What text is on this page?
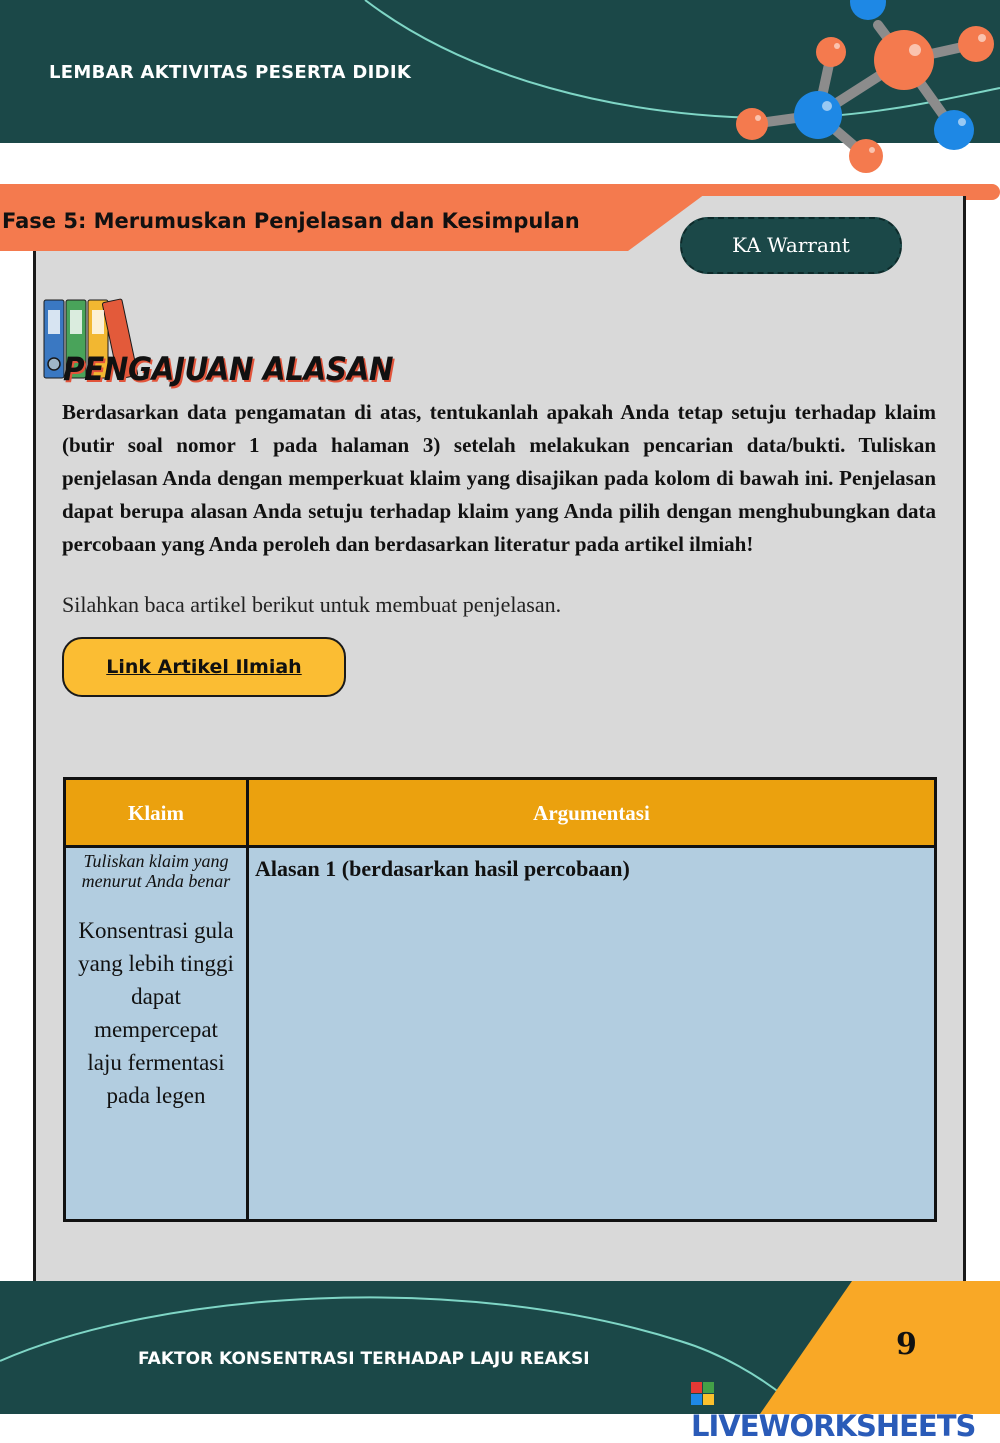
LEMBAR AKTIVITAS PESERTA DIDIK
Fase 5: Merumuskan Penjelasan dan Kesimpulan
KA Warrant
PENGAJUAN ALASAN
Berdasarkan data pengamatan di atas, tentukanlah apakah Anda tetap setuju terhadap klaim (butir soal nomor 1 pada halaman 3) setelah melakukan pencarian data/bukti. Tuliskan penjelasan Anda dengan memperkuat klaim yang disajikan pada kolom di bawah ini. Penjelasan dapat berupa alasan Anda setuju terhadap klaim yang Anda pilih dengan menghubungkan data percobaan yang Anda peroleh dan berdasarkan literatur pada artikel ilmiah!
Silahkan baca artikel berikut untuk membuat penjelasan.
Link Artikel Ilmiah
Klaim	Argumentasi
Tuliskan klaim yang menurut Anda benar
Konsentrasi gula yang lebih tinggi dapat mempercepat laju fermentasi pada legen
Alasan 1 (berdasarkan hasil percobaan)
FAKTOR KONSENTRASI TERHADAP LAJU REAKSI	9
LIVEWORKSHEETS
